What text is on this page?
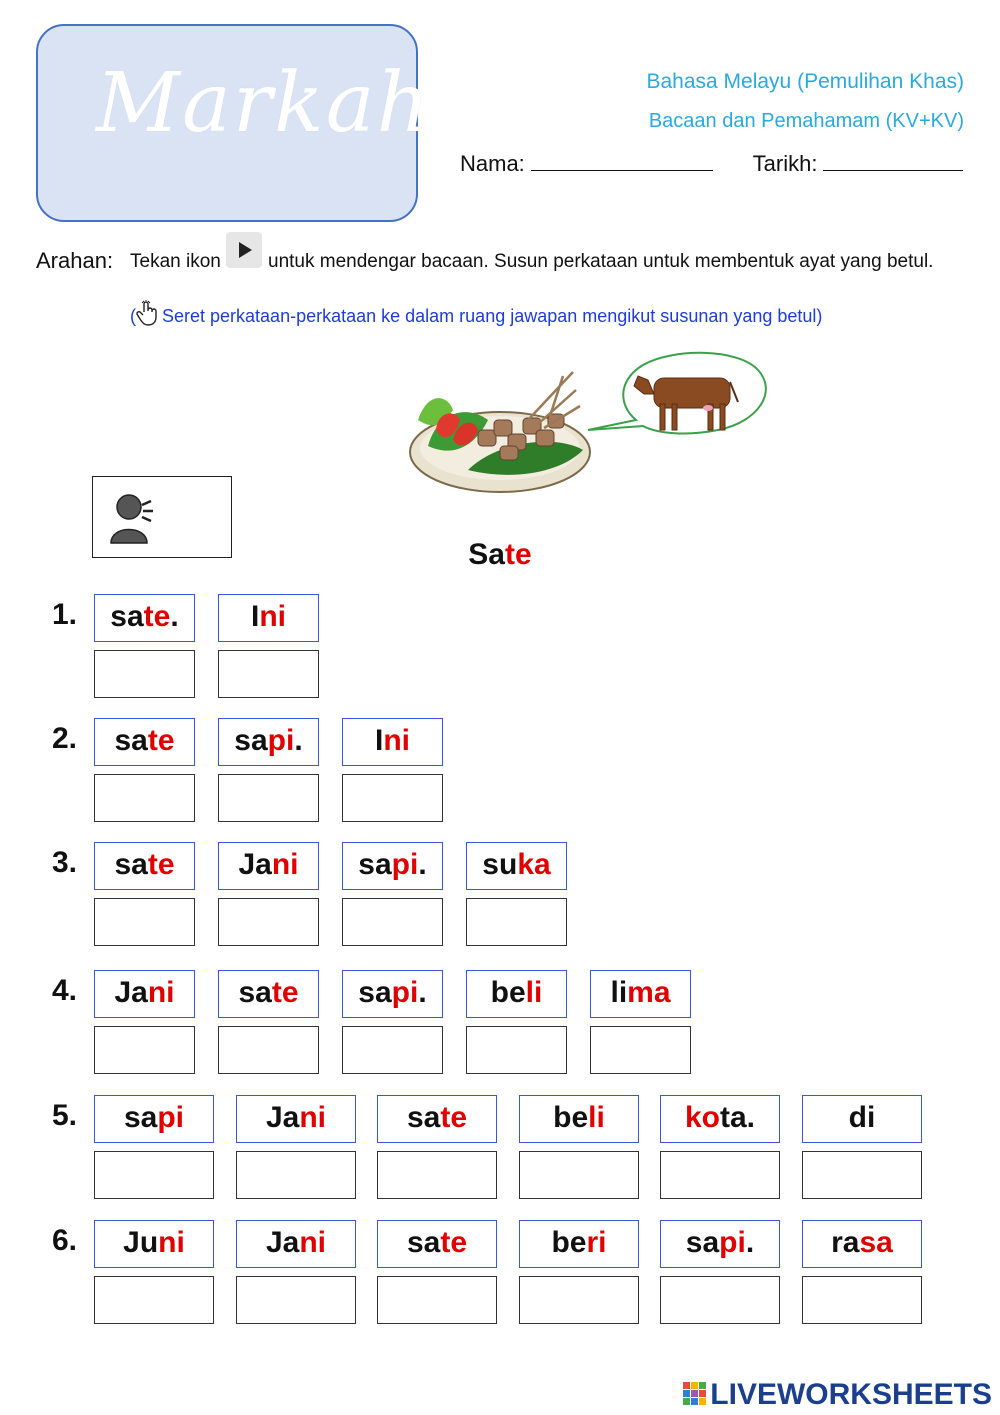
Markah	Bahasa Melayu (Pemulihan Khas)
Bacaan dan Pemahamam (KV+KV)
Nama:	Tarikh:
Arahan: Tekan ikon untuk mendengar bacaan. Susun perkataan untuk membentuk ayat yang betul.
( Seret perkataan-perkataan ke dalam ruang jawapan mengikut susunan yang betul)
Sate
1.	sate.	Ini
2.	sate	sapi.	Ini
3.	sate	Jani	sapi.	suka
4.	Jani	sate	sapi.	beli	lima
5.	sapi	Jani	sate	beli	kota.	di
6.	Juni	Jani	sate	beri	sapi.	rasa
LIVEWORKSHEETS
